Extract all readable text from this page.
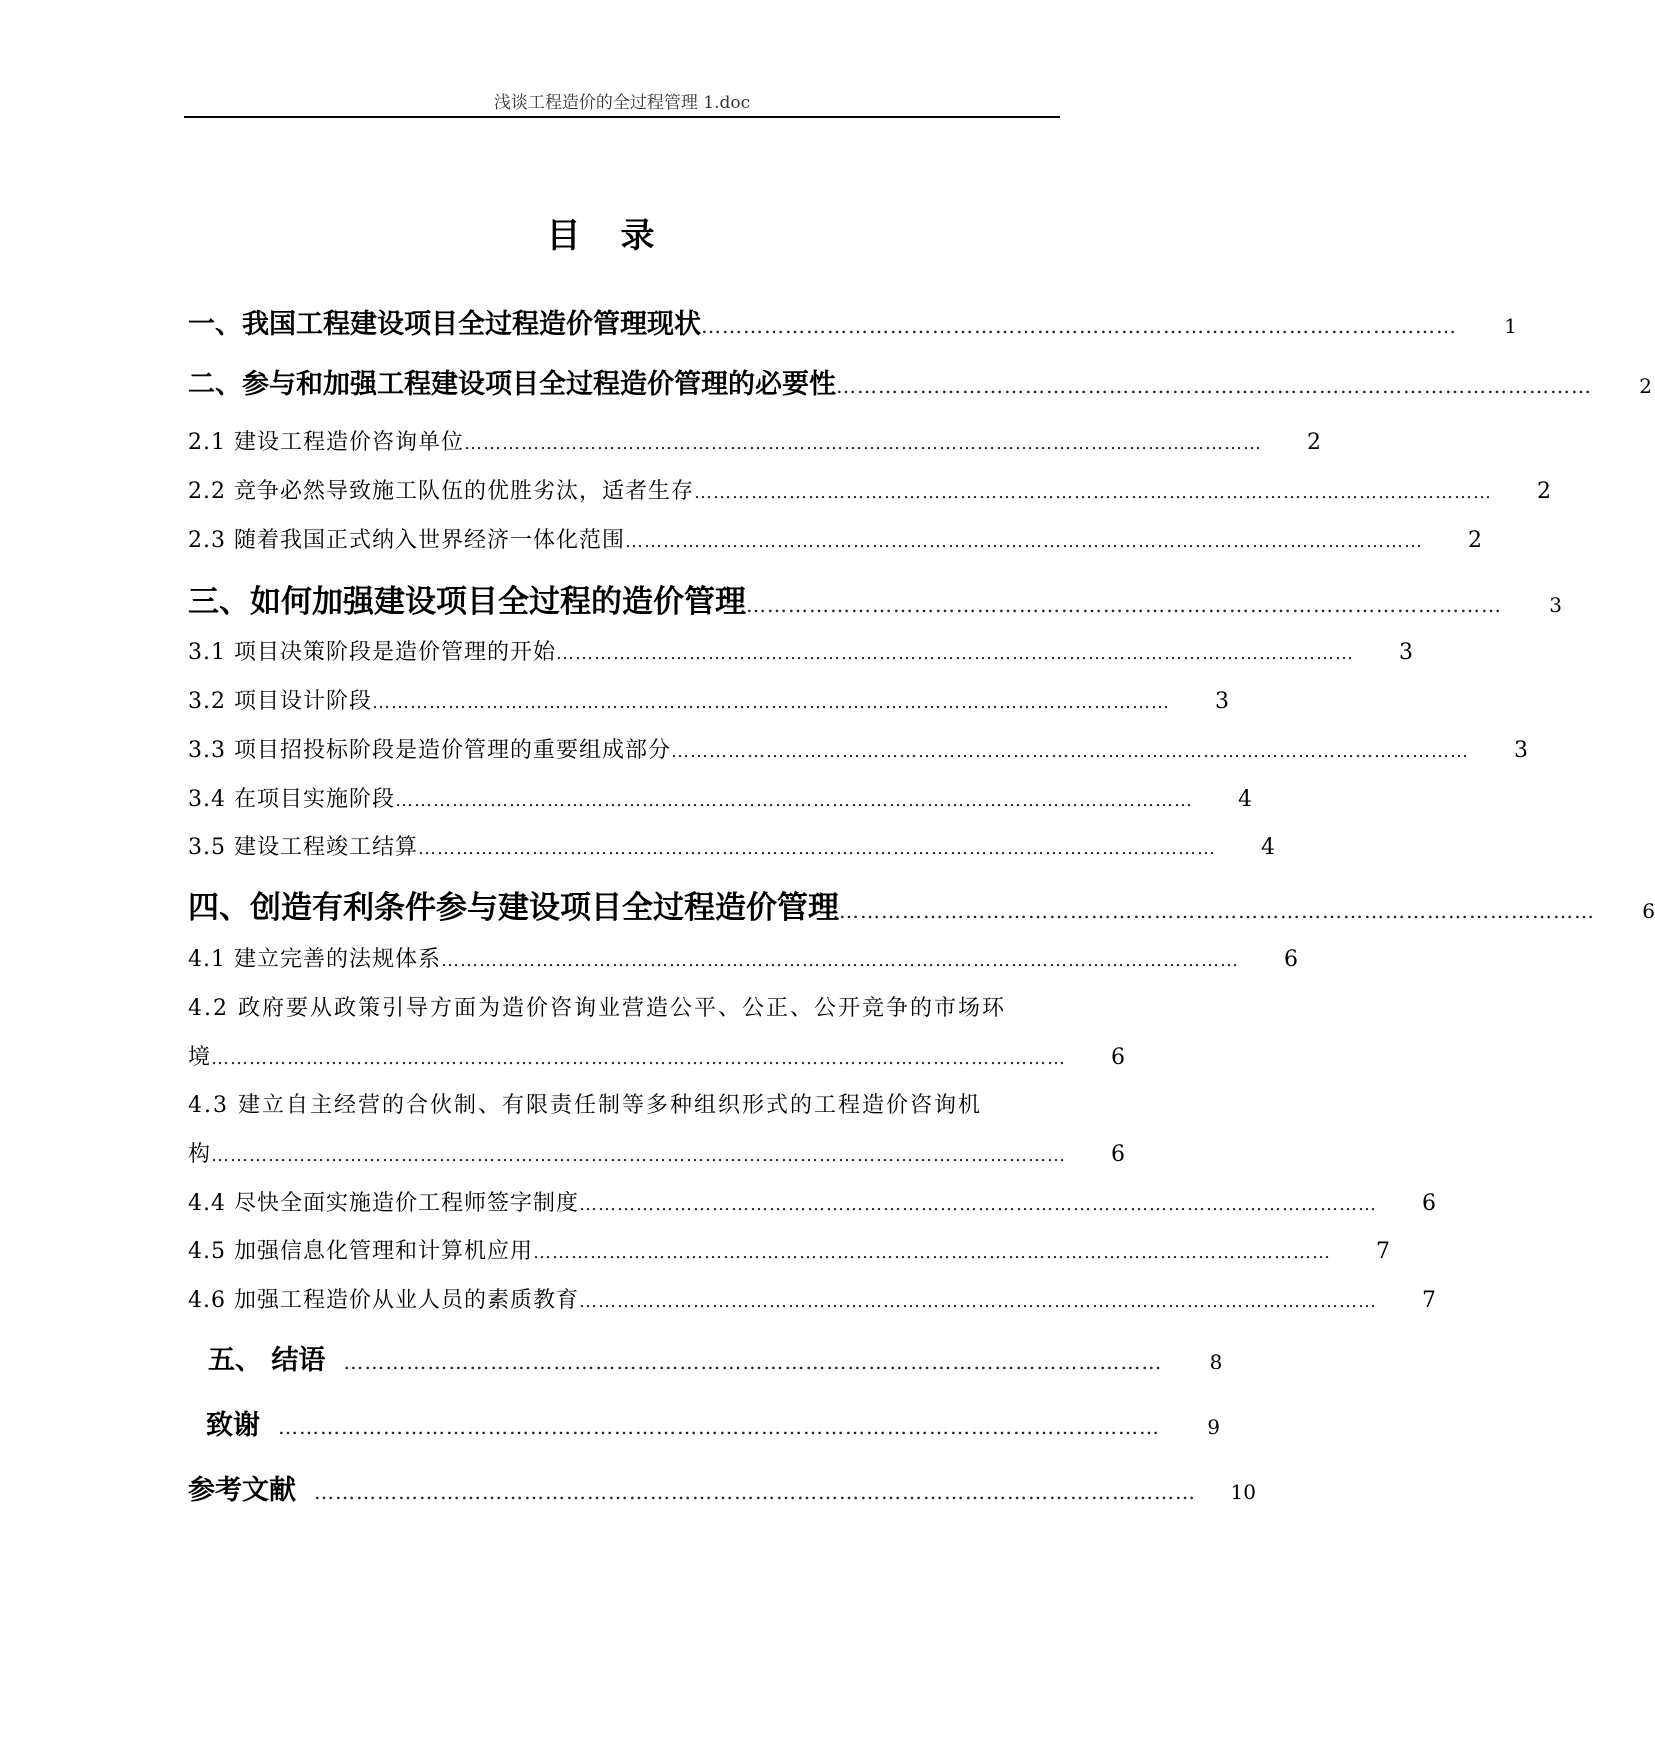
浅谈工程造价的全过程管理 1.doc
目录
一、我国工程建设项目全过程造价管理现状 ………………………………………………………………………………………………	1
二、参与和加强工程建设项目全过程造价管理的必要性 ………………………………………………………………………………………………	2
2.1 建设工程造价咨询单位 ………………………………………………………………………………………………………………	2
2.2 竞争必然导致施工队伍的优胜劣汰，适者生存 ………………………………………………………………………………………………………………	2
2.3 随着我国正式纳入世界经济一体化范围 ………………………………………………………………………………………………………………	2
三、如何加强建设项目全过程的造价管理 ………………………………………………………………………………………………	3
3.1 项目决策阶段是造价管理的开始 ………………………………………………………………………………………………………………	3
3.2 项目设计阶段 ………………………………………………………………………………………………………………	3
3.3 项目招投标阶段是造价管理的重要组成部分 ………………………………………………………………………………………………………………	3
3.4 在项目实施阶段 ………………………………………………………………………………………………………………	4
3.5 建设工程竣工结算 ………………………………………………………………………………………………………………	4
四、创造有利条件参与建设项目全过程造价管理 ………………………………………………………………………………………………	6
4.1 建立完善的法规体系 ………………………………………………………………………………………………………………	6
4.2 政府要从政策引导方面为造价咨询业营造公平、公正、公开竞争的市场环
境 ………………………………………………………………………………………………………………………	6
4.3 建立自主经营的合伙制、有限责任制等多种组织形式的工程造价咨询机
构 ………………………………………………………………………………………………………………………	6
4.4 尽快全面实施造价工程师签字制度 ………………………………………………………………………………………………………………	6
4.5 加强信息化管理和计算机应用 ………………………………………………………………………………………………………………	7
4.6 加强工程造价从业人员的素质教育 ………………………………………………………………………………………………………………	7
五、 结语 ………………………………………………………………………………………………………	8
致谢 ………………………………………………………………………………………………………………	9
参考文献 ………………………………………………………………………………………………………………	10
